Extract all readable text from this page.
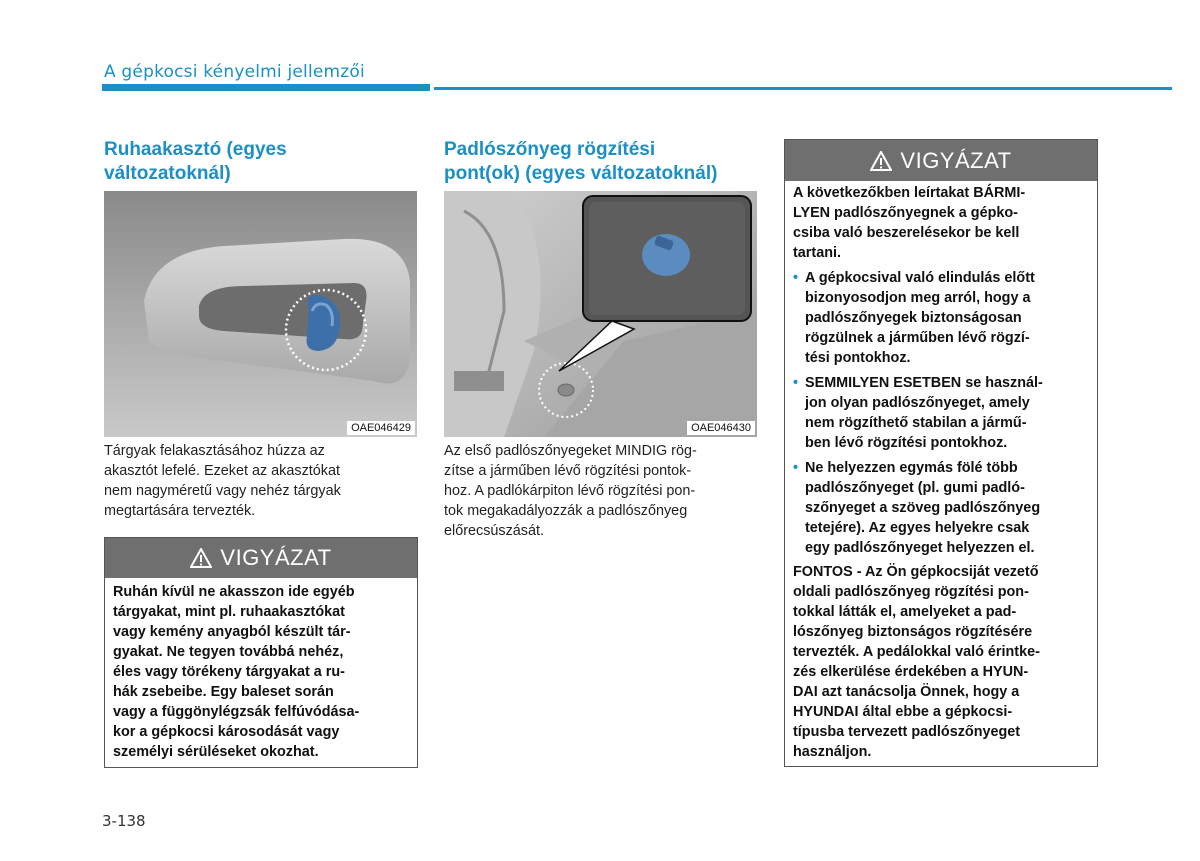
A gépkocsi kényelmi jellemzői
Ruhaakasztó (egyes
változatoknál)
OAE046429
Tárgyak felakasztásához húzza az
akasztót lefelé. Ezeket az akasztókat
nem nagyméretű vagy nehéz tárgyak
megtartására tervezték.
VIGYÁZAT
Ruhán kívül ne akasszon ide egyéb
tárgyakat, mint pl. ruhaakasztókat
vagy kemény anyagból készült tár-
gyakat. Ne tegyen továbbá nehéz,
éles vagy törékeny tárgyakat a ru-
hák zsebeibe. Egy baleset során
vagy a függönylégzsák felfúvódása-
kor a gépkocsi károsodását vagy
személyi sérüléseket okozhat.
Padlószőnyeg rögzítési
pont(ok) (egyes változatoknál)
OAE046430
Az első padlószőnyegeket MINDIG rög-
zítse a járműben lévő rögzítési pontok-
hoz. A padlókárpiton lévő rögzítési pon-
tok megakadályozzák a padlószőnyeg
előrecsúszását.
VIGYÁZAT
A következőkben leírtakat BÁRMI-
LYEN padlószőnyegnek a gépko-
csiba való beszerelésekor be kell
tartani.
• A gépkocsival való elindulás előtt
bizonyosodjon meg arról, hogy a
padlószőnyegek biztonságosan
rögzülnek a járműben lévő rögzí-
tési pontokhoz.
• SEMMILYEN ESETBEN se használ-
jon olyan padlószőnyeget, amely
nem rögzíthető stabilan a jármű-
ben lévő rögzítési pontokhoz.
• Ne helyezzen egymás fölé több
padlószőnyeget (pl. gumi padló-
szőnyeget a szöveg padlószőnyeg
tetejére). Az egyes helyekre csak
egy padlószőnyeget helyezzen el.
FONTOS - Az Ön gépkocsiját vezető
oldali padlószőnyeg rögzítési pon-
tokkal látták el, amelyeket a pad-
lószőnyeg biztonságos rögzítésére
tervezték. A pedálokkal való érintke-
zés elkerülése érdekében a HYUN-
DAI azt tanácsolja Önnek, hogy a
HYUNDAI által ebbe a gépkocsi-
típusba tervezett padlószőnyeget
használjon.
3-138
